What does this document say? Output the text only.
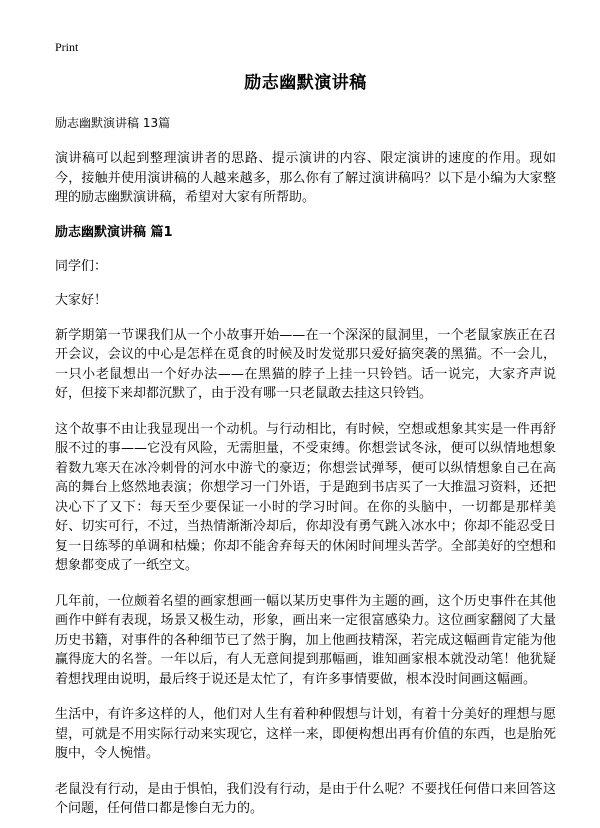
Print
励志幽默演讲稿
励志幽默演讲稿 13篇

演讲稿可以起到整理演讲者的思路、提示演讲的内容、限定演讲的速度的作用。现如今，接触并使用演讲稿的人越来越多，那么你有了解过演讲稿吗？以下是小编为大家整理的励志幽默演讲稿，希望对大家有所帮助。

励志幽默演讲稿 篇1
同学们：
大家好！

新学期第一节课我们从一个小故事开始——在一个深深的鼠洞里，一个老鼠家族正在召开会议，会议的中心是怎样在觅食的时候及时发觉那只爱好搞突袭的黑猫。不一会儿，一只小老鼠想出一个好办法——在黑猫的脖子上挂一只铃铛。话一说完，大家齐声说好，但接下来却都沉默了，由于没有哪一只老鼠敢去挂这只铃铛。

这个故事不由让我显现出一个动机。与行动相比，有时候，空想或想象其实是一件再舒服不过的事——它没有风险，无需胆量，不受束缚。你想尝试冬泳，便可以纵情地想象着数九寒天在冰冷刺骨的河水中游弋的豪迈；你想尝试弹琴，便可以纵情想象自己在高高的舞台上悠然地表演；你想学习一门外语，于是跑到书店买了一大推温习资料，还把决心下了又下：每天至少要保证一小时的学习时间。在你的头脑中，一切都是那样美好、切实可行，不过，当热情渐渐冷却后，你却没有勇气跳入冰水中；你却不能忍受日复一日练琴的单调和枯燥；你却不能舍弃每天的休闲时间埋头苦学。全部美好的空想和想象都变成了一纸空文。

几年前，一位颇着名望的画家想画一幅以某历史事件为主题的画，这个历史事件在其他画作中鲜有表现，场景又极生动，形象，画出来一定很富感染力。这位画家翻阅了大量历史书籍，对事件的各种细节已了然于胸，加上他画技精深，若完成这幅画肯定能为他赢得庞大的名誉。一年以后，有人无意间提到那幅画，谁知画家根本就没动笔！他犹疑着想找理由说明，最后终于说还是太忙了，有许多事情要做，根本没时间画这幅画。

生活中，有许多这样的人，他们对人生有着种种假想与计划，有着十分美好的理想与愿望，可就是不用实际行动来实现它，这样一来，即便构想出再有价值的东西，也是胎死腹中，令人惋惜。

老鼠没有行动，是由于惧怕，我们没有行动，是由于什么呢？不要找任何借口来回答这个问题，任何借口都是惨白无力的。
